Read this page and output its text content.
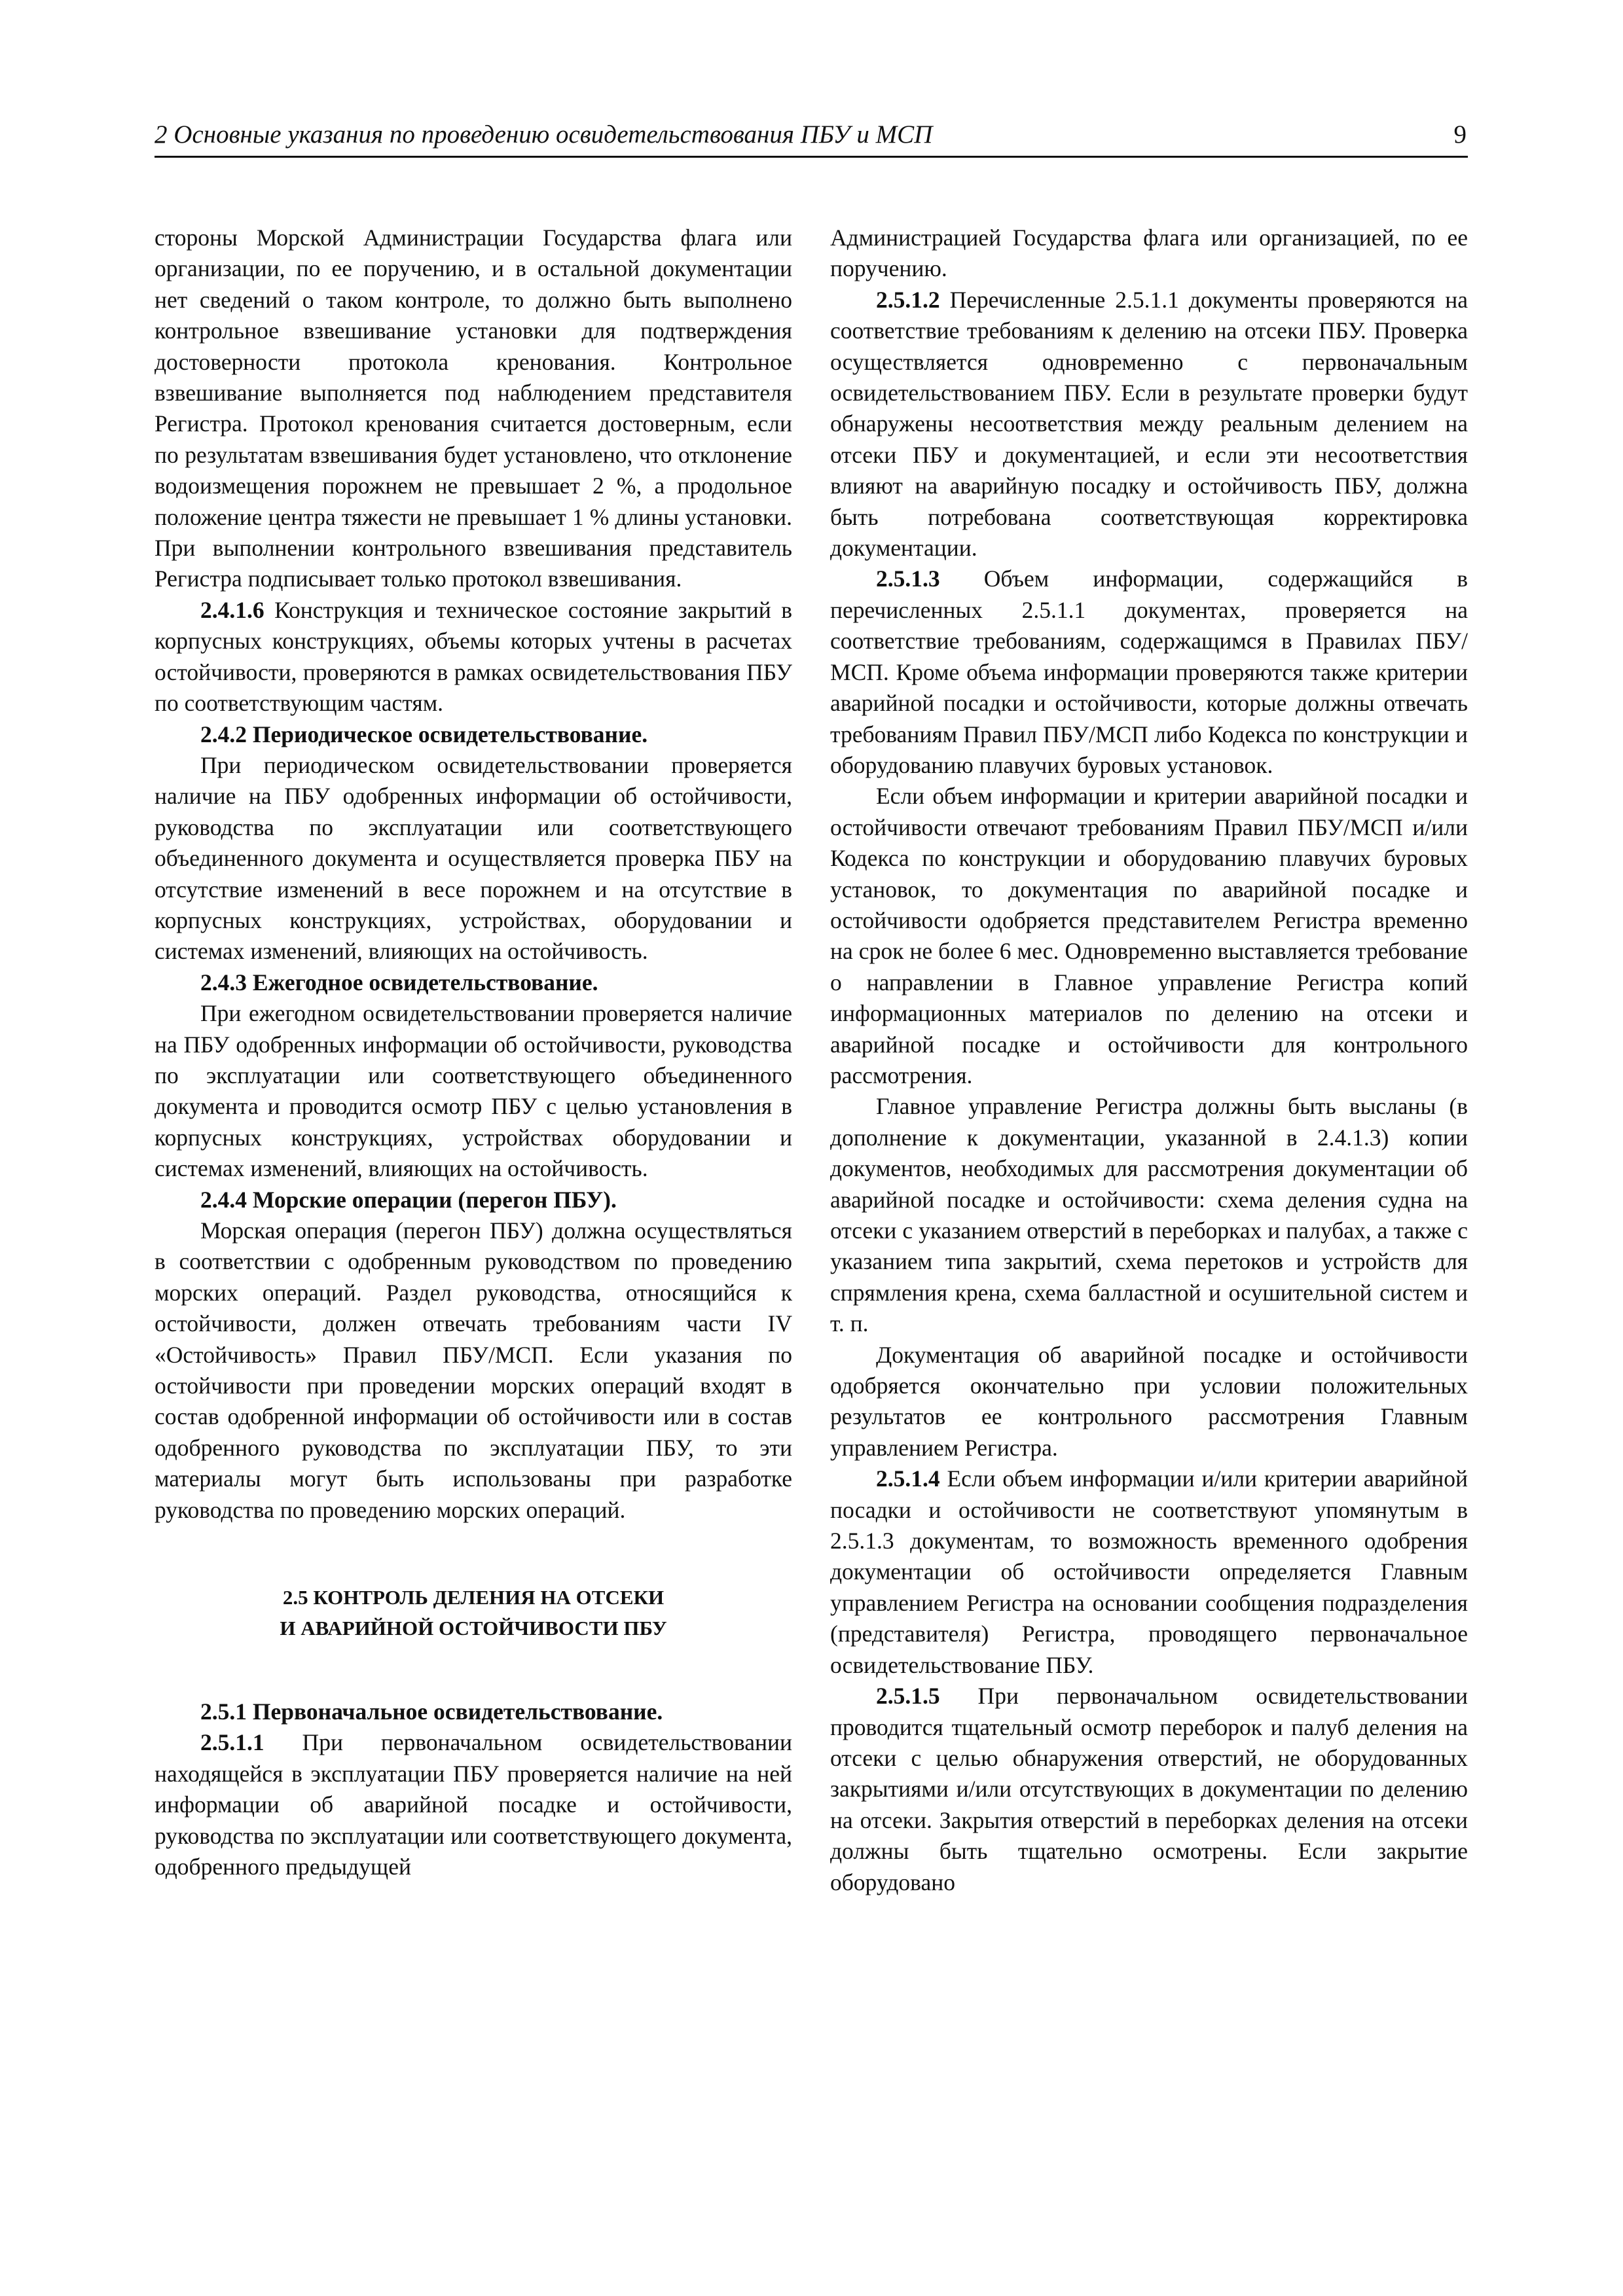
2 Основные указания по проведению освидетельствования ПБУ и МСП	9

стороны Морской Администрации Государства флага или организации, по ее поручению, и в остальной документации нет сведений о таком контроле, то должно быть выполнено контрольное взвешивание установки для подтверждения достоверности протокола кренования. Контрольное взвешивание выполняется под наблюдением представителя Регистра. Протокол кренования считается достоверным, если по результатам взвешивания будет установлено, что отклонение водоизмещения порожнем не превышает 2 %, а продольное положение центра тяжести не превышает 1 % длины установки. При выполнении контрольного взвешивания представитель Регистра подписывает только протокол взвешивания.

2.4.1.6 Конструкция и техническое состояние закрытий в корпусных конструкциях, объемы которых учтены в расчетах остойчивости, проверяются в рамках освидетельствования ПБУ по соответствующим частям.

2.4.2 Периодическое освидетельствование.

При периодическом освидетельствовании проверяется наличие на ПБУ одобренных информации об остойчивости, руководства по эксплуатации или соответствующего объединенного документа и осуществляется проверка ПБУ на отсутствие изменений в весе порожнем и на отсутствие в корпусных конструкциях, устройствах, оборудовании и системах изменений, влияющих на остойчивость.

2.4.3 Ежегодное освидетельствование.

При ежегодном освидетельствовании проверяется наличие на ПБУ одобренных информации об остойчивости, руководства по эксплуатации или соответствующего объединенного документа и проводится осмотр ПБУ с целью установления в корпусных конструкциях, устройствах оборудовании и системах изменений, влияющих на остойчивость.

2.4.4 Морские операции (перегон ПБУ).

Морская операция (перегон ПБУ) должна осуществляться в соответствии с одобренным руководством по проведению морских операций. Раздел руководства, относящийся к остойчивости, должен отвечать требованиям части IV «Остойчивость» Правил ПБУ/МСП. Если указания по остойчивости при проведении морских операций входят в состав одобренной информации об остойчивости или в состав одобренного руководства по эксплуатации ПБУ, то эти материалы могут быть использованы при разработке руководства по проведению морских операций.

2.5 КОНТРОЛЬ ДЕЛЕНИЯ НА ОТСЕКИ
И АВАРИЙНОЙ ОСТОЙЧИВОСТИ ПБУ

2.5.1 Первоначальное освидетельствование.

2.5.1.1 При первоначальном освидетельствовании находящейся в эксплуатации ПБУ проверяется наличие на ней информации об аварийной посадке и остойчивости, руководства по эксплуатации или соответствующего документа, одобренного предыдущей

Администрацией Государства флага или организацией, по ее поручению.

2.5.1.2 Перечисленные 2.5.1.1 документы проверяются на соответствие требованиям к делению на отсеки ПБУ. Проверка осуществляется одновременно с первоначальным освидетельствованием ПБУ. Если в результате проверки будут обнаружены несоответствия между реальным делением на отсеки ПБУ и документацией, и если эти несоответствия влияют на аварийную посадку и остойчивость ПБУ, должна быть потребована соответствующая корректировка документации.

2.5.1.3 Объем информации, содержащийся в перечисленных 2.5.1.1 документах, проверяется на соответствие требованиям, содержащимся в Правилах ПБУ/МСП. Кроме объема информации проверяются также критерии аварийной посадки и остойчивости, которые должны отвечать требованиям Правил ПБУ/МСП либо Кодекса по конструкции и оборудованию плавучих буровых установок.

Если объем информации и критерии аварийной посадки и остойчивости отвечают требованиям Правил ПБУ/МСП и/или Кодекса по конструкции и оборудованию плавучих буровых установок, то документация по аварийной посадке и остойчивости одобряется представителем Регистра временно на срок не более 6 мес. Одновременно выставляется требование о направлении в Главное управление Регистра копий информационных материалов по делению на отсеки и аварийной посадке и остойчивости для контрольного рассмотрения.

Главное управление Регистра должны быть высланы (в дополнение к документации, указанной в 2.4.1.3) копии документов, необходимых для рассмотрения документации об аварийной посадке и остойчивости: схема деления судна на отсеки с указанием отверстий в переборках и палубах, а также с указанием типа закрытий, схема перетоков и устройств для спрямления крена, схема балластной и осушительной систем и т. п.

Документация об аварийной посадке и остойчивости одобряется окончательно при условии положительных результатов ее контрольного рассмотрения Главным управлением Регистра.

2.5.1.4 Если объем информации и/или критерии аварийной посадки и остойчивости не соответствуют упомянутым в 2.5.1.3 документам, то возможность временного одобрения документации об остойчивости определяется Главным управлением Регистра на основании сообщения подразделения (представителя) Регистра, проводящего первоначальное освидетельствование ПБУ.

2.5.1.5 При первоначальном освидетельствовании проводится тщательный осмотр переборок и палуб деления на отсеки с целью обнаружения отверстий, не оборудованных закрытиями и/или отсутствующих в документации по делению на отсеки. Закрытия отверстий в переборках деления на отсеки должны быть тщательно осмотрены. Если закрытие оборудовано
